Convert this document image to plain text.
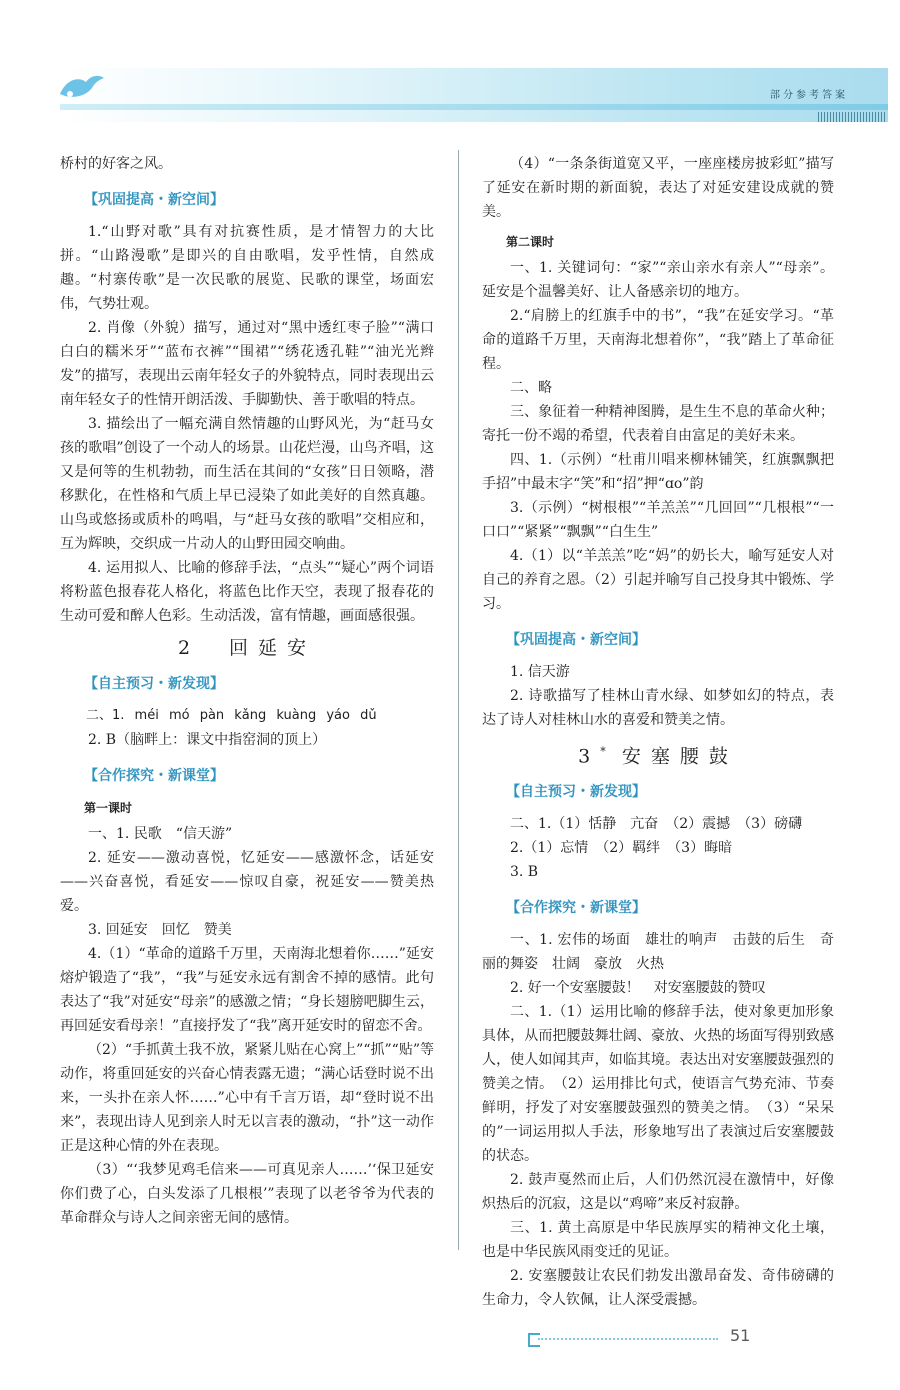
部分参考答案

桥村的好客之风。

【巩固提高・新空间】

1.“山野对歌”具有对抗赛性质，是才情智力的大比拼。“山路漫歌”是即兴的自由歌唱，发乎性情，自然成趣。“村寨传歌”是一次民歌的展览、民歌的课堂，场面宏伟，气势壮观。

2. 肖像（外貌）描写，通过对“黑中透红枣子脸”“满口白白的糯米牙”“蓝布衣裤”“围裙”“绣花透孔鞋”“油光光辫发”的描写，表现出云南年轻女子的外貌特点，同时表现出云南年轻女子的性情开朗活泼、手脚勤快、善于歌唱的特点。

3. 描绘出了一幅充满自然情趣的山野风光，为“赶马女孩的歌唱”创设了一个动人的场景。山花烂漫，山鸟齐唱，这又是何等的生机勃勃，而生活在其间的“女孩”日日领略，潜移默化，在性格和气质上早已浸染了如此美好的自然真趣。山鸟或悠扬或质朴的鸣唱，与“赶马女孩的歌唱”交相应和，互为辉映，交织成一片动人的山野田园交响曲。

4. 运用拟人、比喻的修辞手法，“点头”“疑心”两个词语将粉蓝色报春花人格化，将蓝色比作天空，表现了报春花的生动可爱和醉人色彩。生动活泼，富有情趣，画面感很强。

2　回延安
【自主预习・新发现】

二、1. méi mó pàn kǎng kuàng yáo dǔ

2. B（脑畔上：课文中指窑洞的顶上）

【合作探究・新课堂】
第一课时

一、1. 民歌　“信天游”

2. 延安——激动喜悦，忆延安——感激怀念，话延安——兴奋喜悦，看延安——惊叹自豪，祝延安——赞美热爱。

3. 回延安　回忆　赞美

4.（1）“革命的道路千万里，天南海北想着你……”延安熔炉锻造了“我”，“我”与延安永远有割舍不掉的感情。此句表达了“我”对延安“母亲”的感激之情；“身长翅膀吧脚生云，再回延安看母亲！”直接抒发了“我”离开延安时的留恋不舍。

（2）“手抓黄土我不放，紧紧儿贴在心窝上”“抓”“贴”等动作，将重回延安的兴奋心情表露无遗；“满心话登时说不出来，一头扑在亲人怀……”心中有千言万语，却“登时说不出来”，表现出诗人见到亲人时无以言表的激动，“扑”这一动作正是这种心情的外在表现。

（3）“‘我梦见鸡毛信来——可真见亲人……’‘保卫延安你们费了心，白头发添了几根根’”表现了以老爷爷为代表的革命群众与诗人之间亲密无间的感情。

（4）“一条条街道宽又平，一座座楼房披彩虹”描写了延安在新时期的新面貌，表达了对延安建设成就的赞美。

第二课时

一、1. 关键词句：“家”“亲山亲水有亲人”“母亲”。延安是个温馨美好、让人备感亲切的地方。

2.“肩膀上的红旗手中的书”，“我”在延安学习。“革命的道路千万里，天南海北想着你”，“我”踏上了革命征程。

二、略

三、象征着一种精神图腾，是生生不息的革命火种；寄托一份不竭的希望，代表着自由富足的美好未来。

四、1.（示例）“杜甫川唱来柳林铺笑，红旗飘飘把手招”中最末字“笑”和“招”押“ɑo”韵

3.（示例）“树根根”“羊羔羔”“几回回”“几根根”“一口口”“紧紧”“飘飘”“白生生”

4.（1）以“羊羔羔”吃“妈”的奶长大，喻写延安人对自己的养育之恩。（2）引起并喻写自己投身其中锻炼、学习。

【巩固提高・新空间】

1. 信天游

2. 诗歌描写了桂林山青水绿、如梦如幻的特点，表达了诗人对桂林山水的喜爱和赞美之情。

3* 安塞腰鼓
【自主预习・新发现】

二、1.（1）恬静　亢奋　（2）震撼　（3）磅礴

2.（1）忘情　（2）羁绊　（3）晦暗

3. B

【合作探究・新课堂】

一、1. 宏伟的场面　雄壮的响声　击鼓的后生　奇丽的舞姿　壮阔　豪放　火热

2. 好一个安塞腰鼓！　对安塞腰鼓的赞叹

二、1.（1）运用比喻的修辞手法，使对象更加形象具体，从而把腰鼓舞壮阔、豪放、火热的场面写得别致感人，使人如闻其声，如临其境。表达出对安塞腰鼓强烈的赞美之情。　（2）运用排比句式，使语言气势充沛、节奏鲜明，抒发了对安塞腰鼓强烈的赞美之情。　（3）“呆呆的”一词运用拟人手法，形象地写出了表演过后安塞腰鼓的状态。

2. 鼓声戛然而止后，人们仍然沉浸在激情中，好像炽热后的沉寂，这是以“鸡啼”来反衬寂静。

三、1. 黄土高原是中华民族厚实的精神文化土壤，也是中华民族风雨变迁的见证。

2. 安塞腰鼓让农民们勃发出激昂奋发、奇伟磅礴的生命力，令人钦佩，让人深受震撼。

51
